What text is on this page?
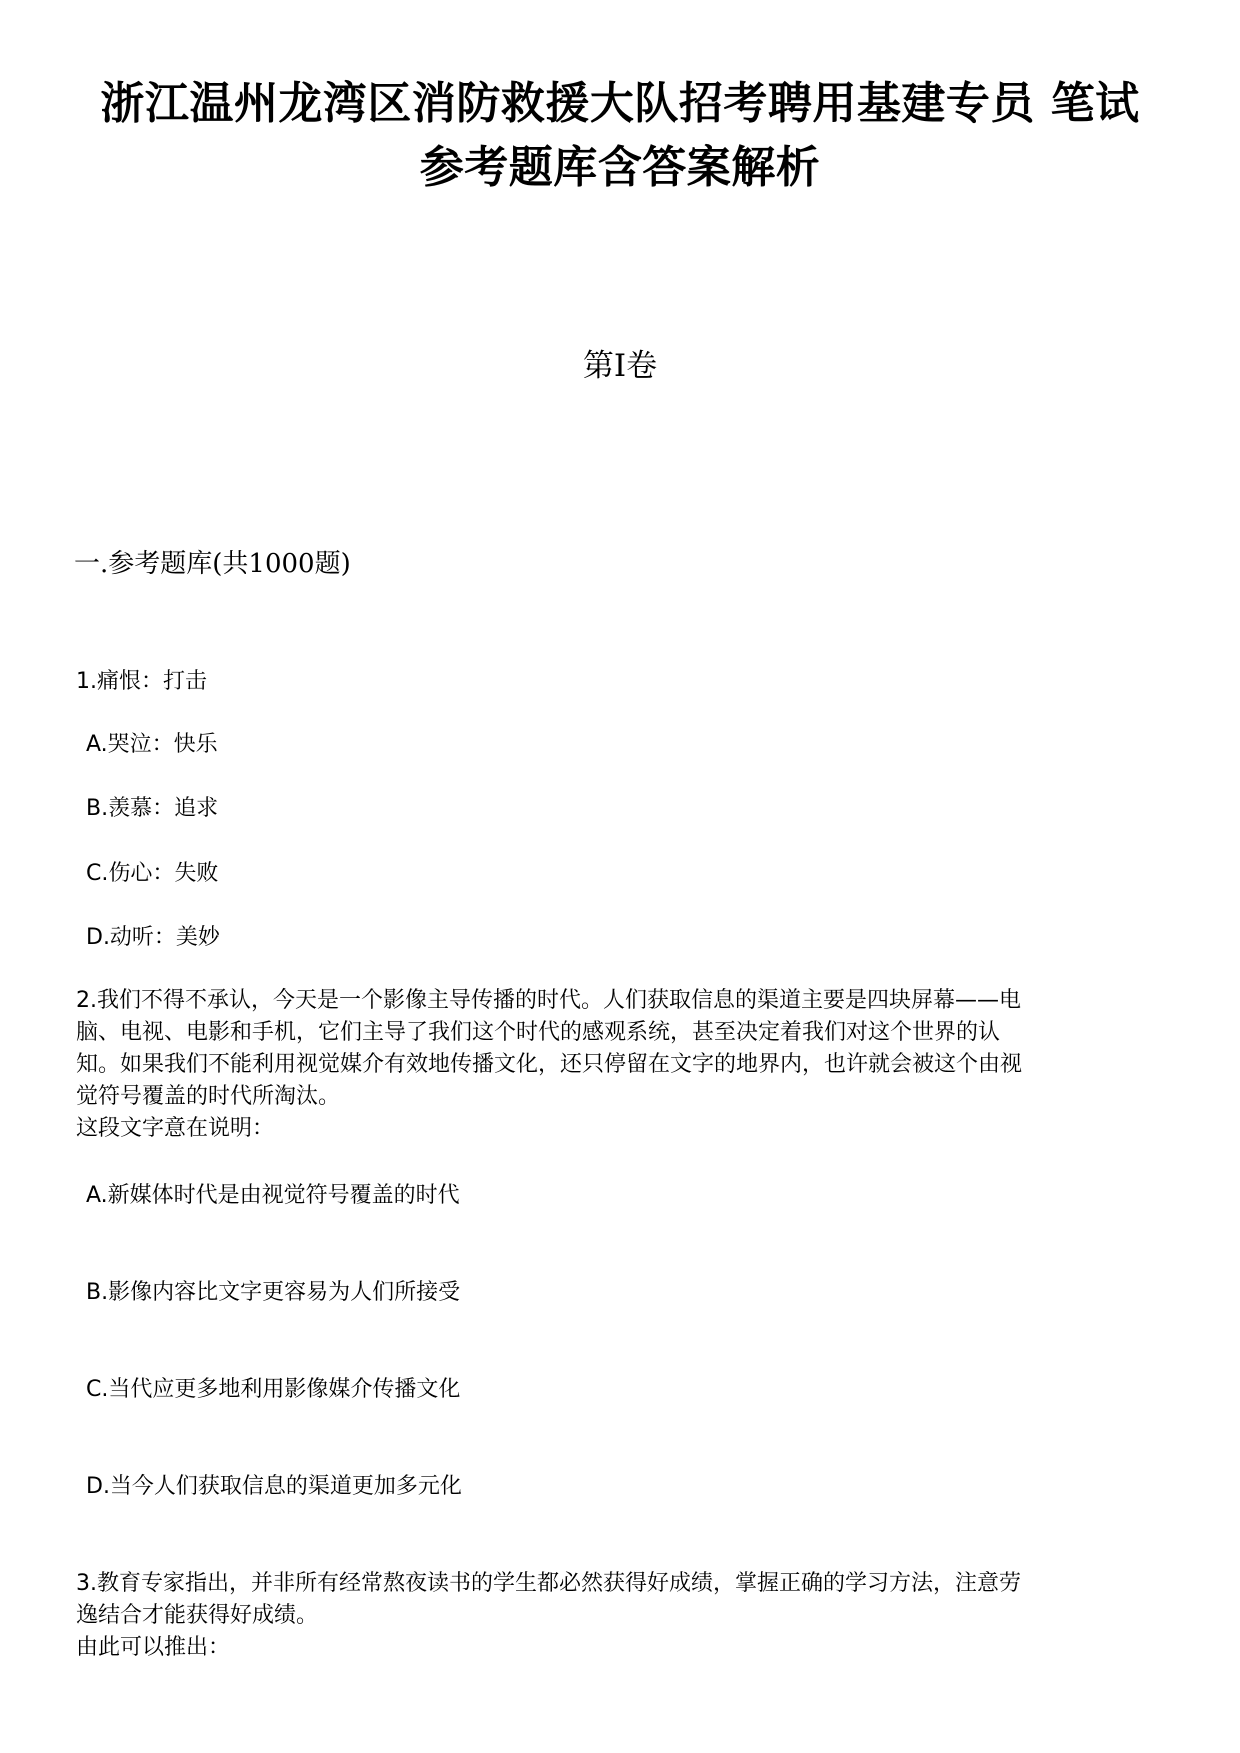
浙江温州龙湾区消防救援大队招考聘用基建专员 笔试
参考题库含答案解析
第Ⅰ卷
一.参考题库(共1000题)
1.痛恨：打击
A.哭泣：快乐
B.羡慕：追求
C.伤心：失败
D.动听：美妙
2.我们不得不承认，今天是一个影像主导传播的时代。人们获取信息的渠道主要是四块屏幕——电
脑、电视、电影和手机，它们主导了我们这个时代的感观系统，甚至决定着我们对这个世界的认
知。如果我们不能利用视觉媒介有效地传播文化，还只停留在文字的地界内，也许就会被这个由视
觉符号覆盖的时代所淘汰。
这段文字意在说明：
A.新媒体时代是由视觉符号覆盖的时代
B.影像内容比文字更容易为人们所接受
C.当代应更多地利用影像媒介传播文化
D.当今人们获取信息的渠道更加多元化
3.教育专家指出，并非所有经常熬夜读书的学生都必然获得好成绩，掌握正确的学习方法，注意劳
逸结合才能获得好成绩。
由此可以推出：
